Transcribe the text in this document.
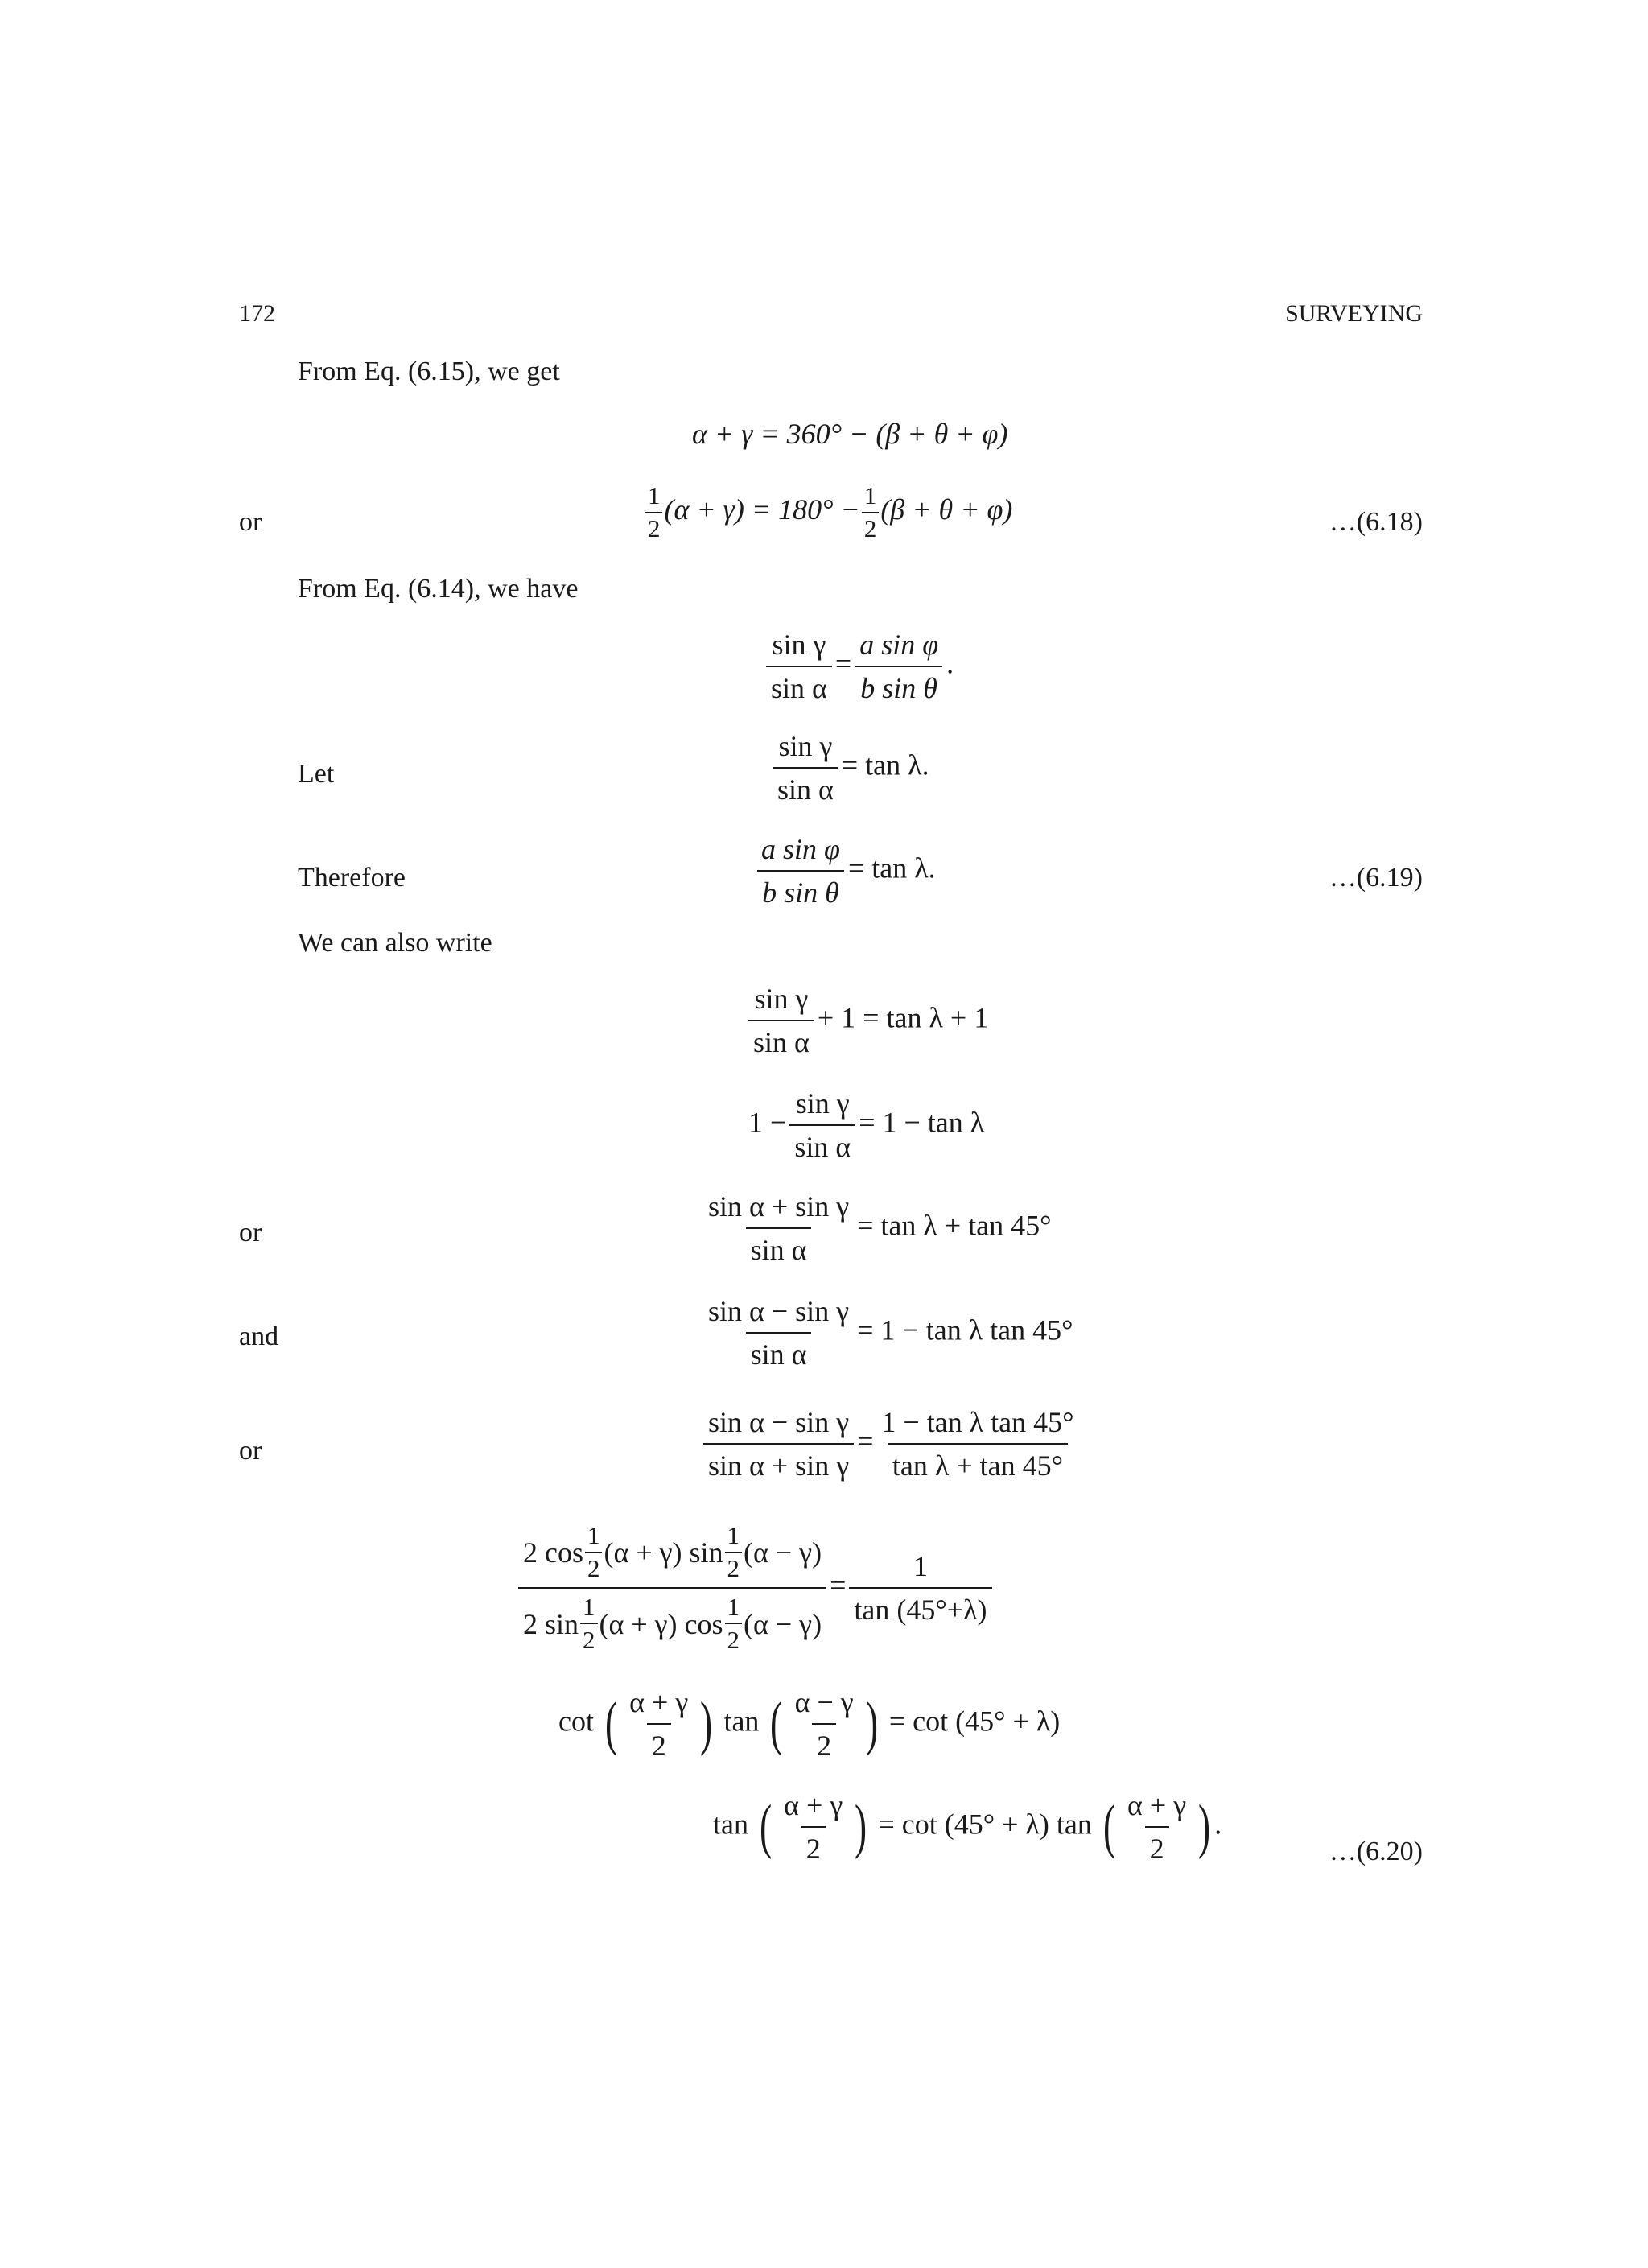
172	SURVEYING
From Eq. (6.15), we get
α + γ = 360° − (β + θ + φ)
or	$\frac{1}{2} (\alpha + \gamma) = 180^\circ - \frac{1}{2} (\beta + \theta + \varphi)$	…(6.18)
From Eq. (6.14), we have
$\frac{\text{sin γ}}{\text{sin α}} = \frac{\text{a sin φ}}{\text{b sin θ}}$ .
Let	$\frac{\text{sin γ}}{\text{sin α}} = \tan \lambda$.
Therefore	$\frac{\text{a sin φ}}{\text{b sin θ}} = \tan \lambda$.	…(6.19)
We can also write
$\frac{\text{sin γ}}{\text{sin α}} + 1 = \tan \lambda + 1$
$1 - \frac{\text{sin γ}}{\text{sin α}} = 1 - \tan \lambda$
or	$\frac{\text{sin α + sin γ}}{\text{sin α}} = \tan \lambda + \tan 45^\circ$
and	$\frac{\text{sin α − sin γ}}{\text{sin α}} = 1 - \tan \lambda$ tan 45°
or	$\frac{\text{sin α − sin γ}}{\text{sin α + sin γ}} = \frac{\text{1 − tan λ tan 45°}}{\text{tan λ + tan 45°}}$
$\frac{2 \cos \frac{1}{2} (\alpha + \gamma) \sin \frac{1}{2} (\alpha - \gamma)}{2 \sin \frac{1}{2} (\alpha + \gamma) \cos \frac{1}{2} (\alpha - \gamma)} = \frac{1}{\tan (45^\circ+\lambda)}$
cot ( $\frac{\alpha + \gamma}{2}$ ) tan ( $\frac{\alpha - \gamma}{2}$ ) = cot (45° + λ)
tan ( $\frac{\alpha + \gamma}{2}$ ) = cot (45° + λ) tan ( $\frac{\alpha + \gamma}{2}$ ) .
…(6.20)
